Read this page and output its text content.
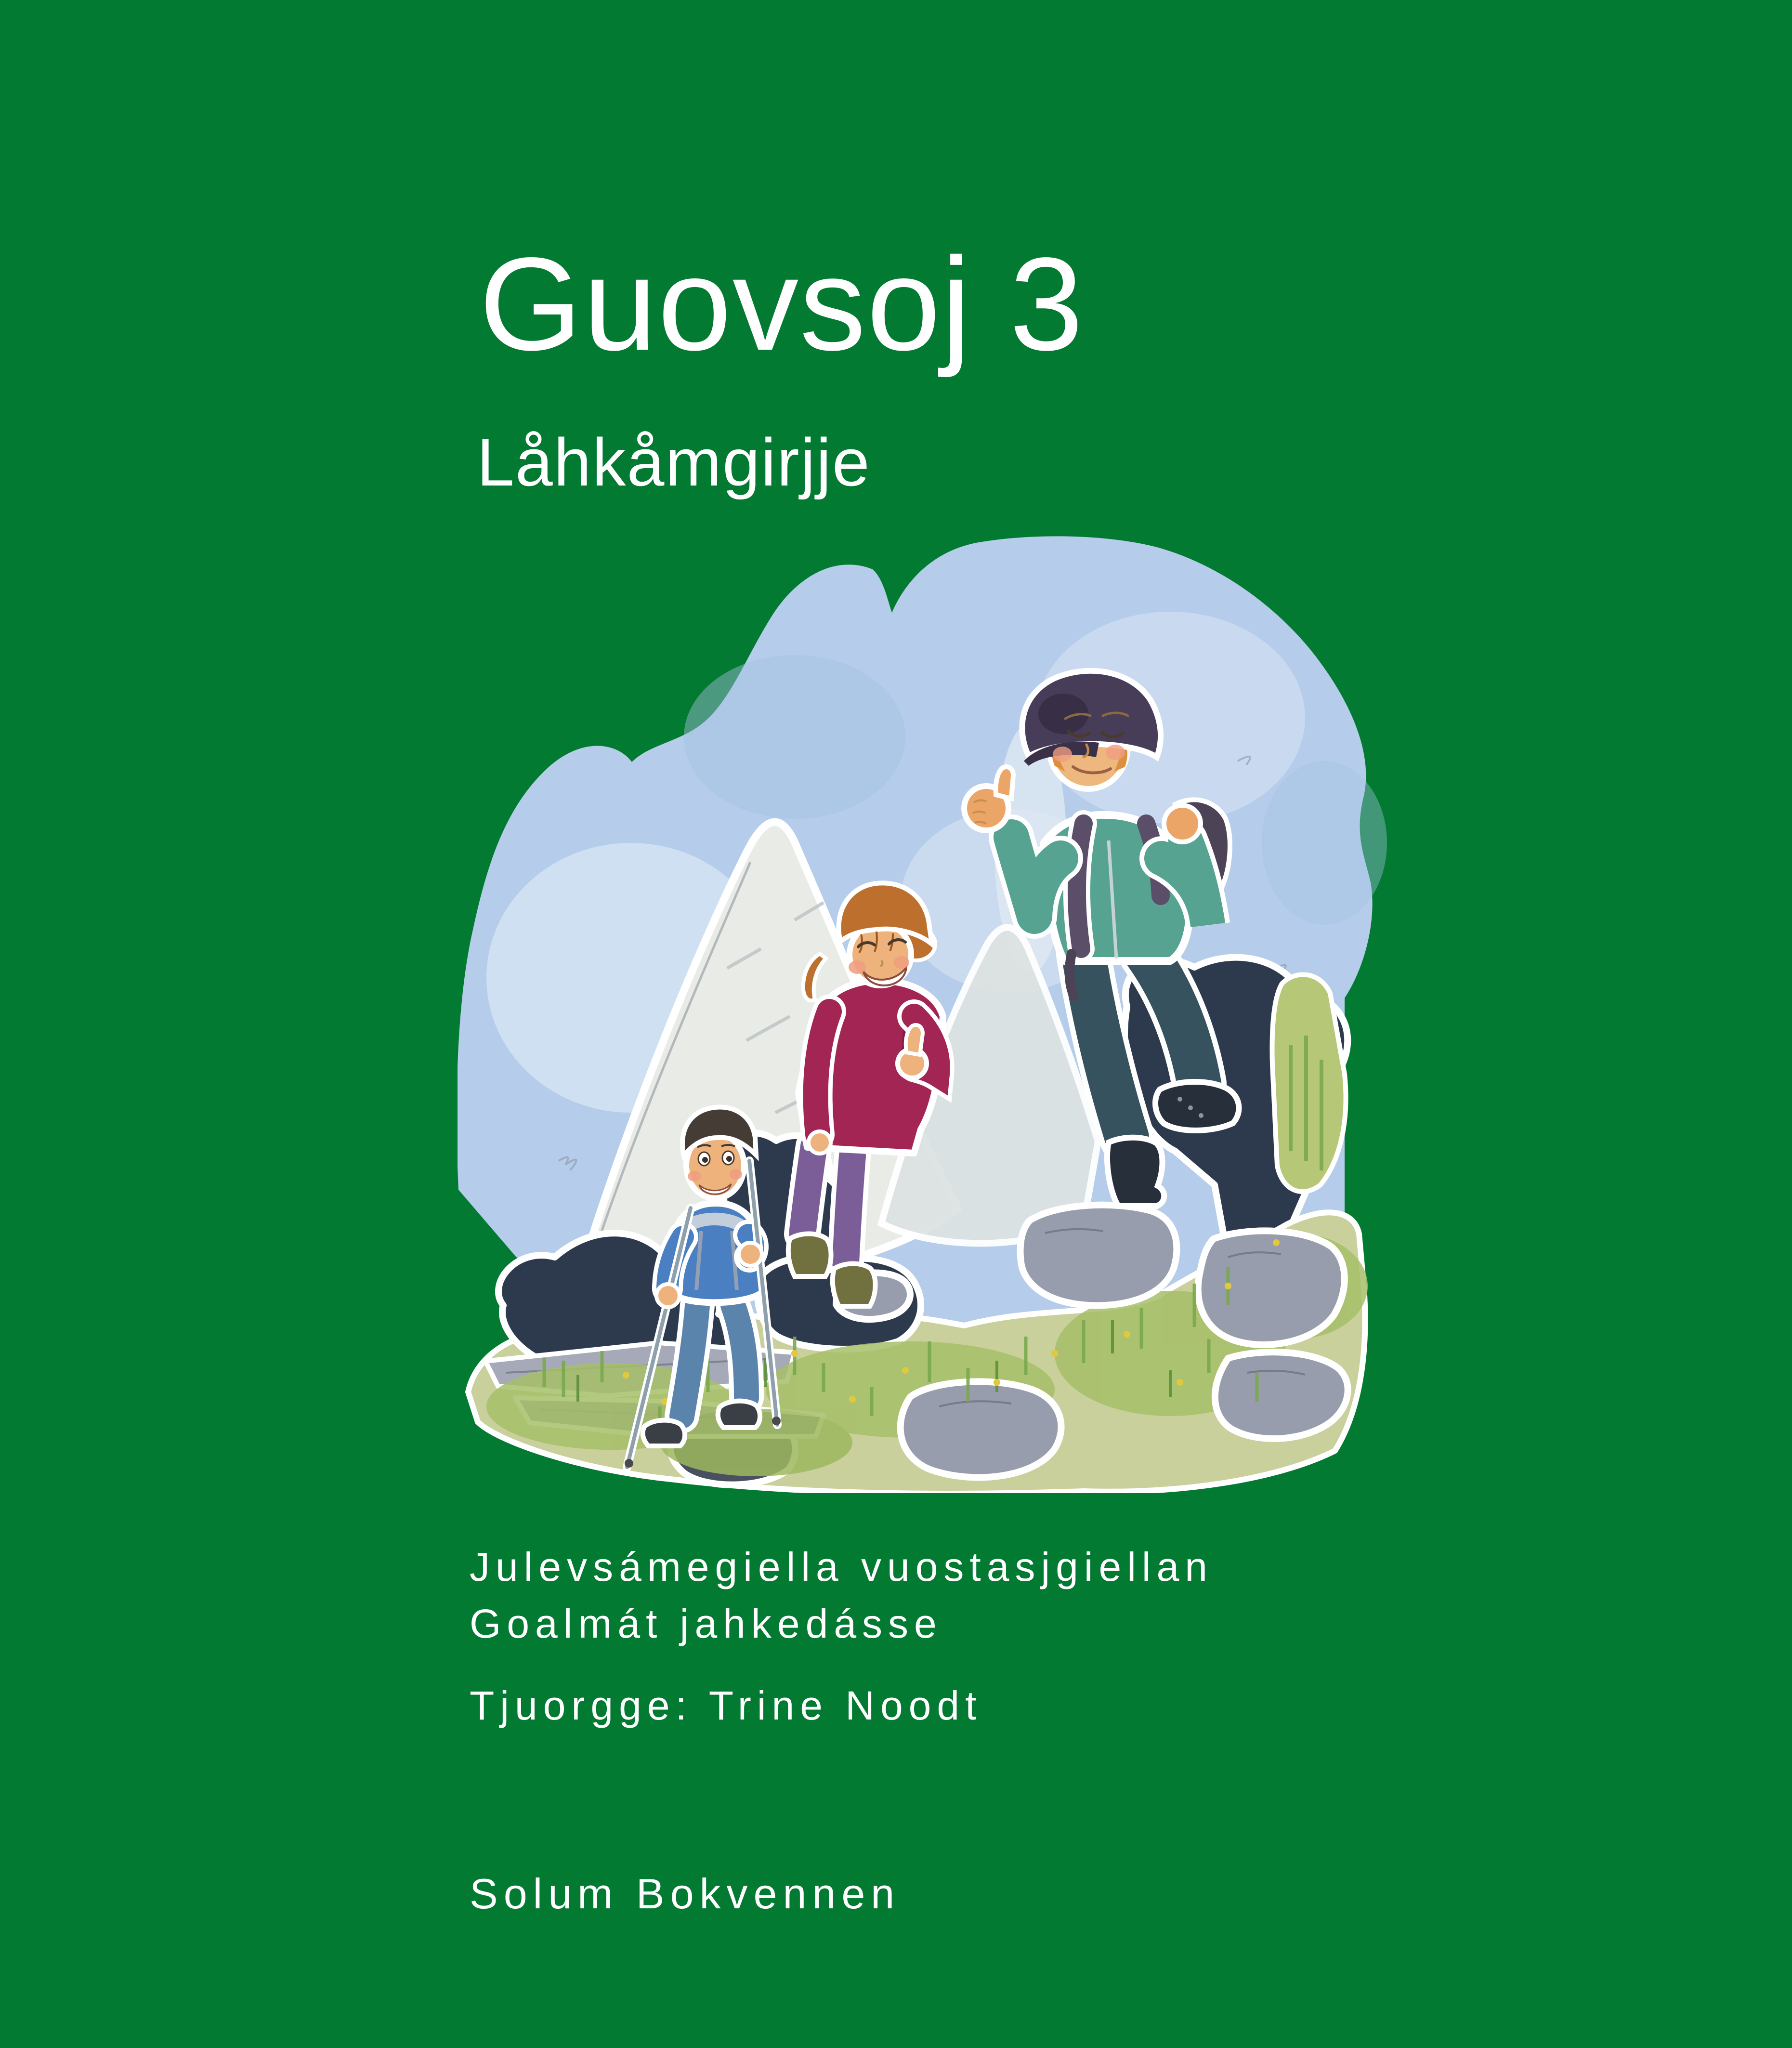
Guovsoj 3
Låhkåmgirjje
Julevsámegiella vuostasjgiellan
Goalmát jahkedásse
Tjuorgge: Trine Noodt
Solum Bokvennen
